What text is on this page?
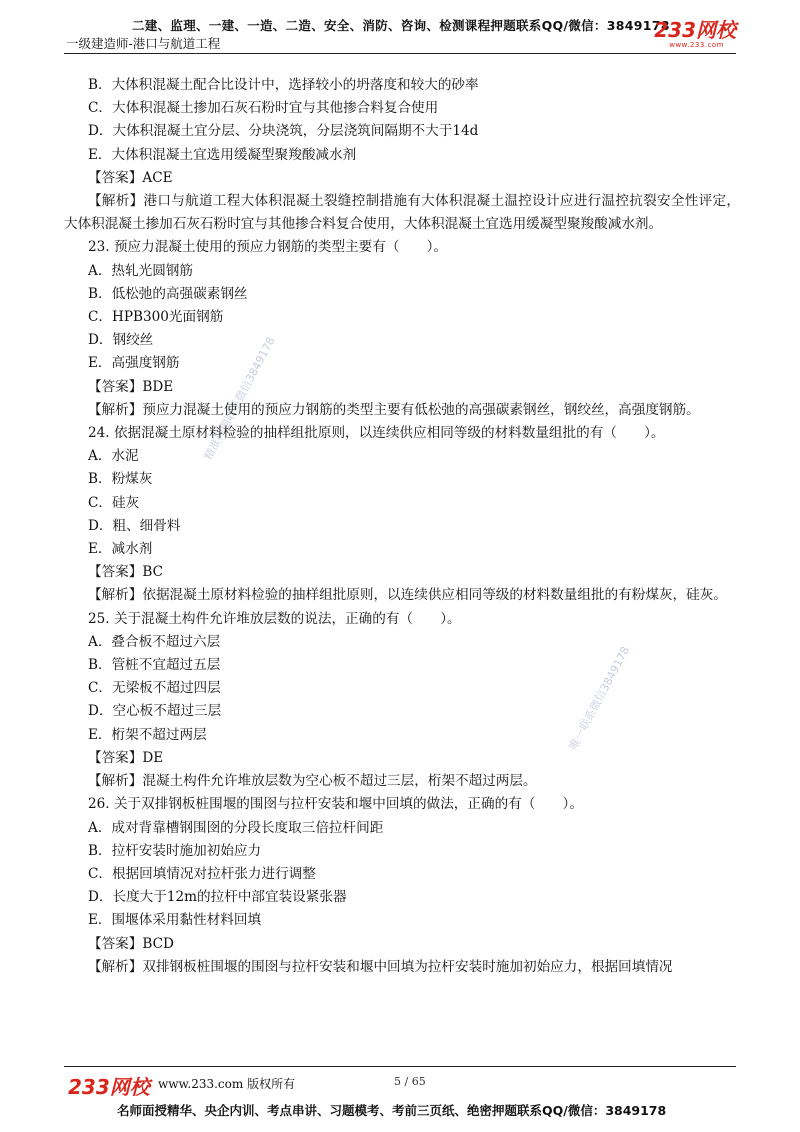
二建、监理、一建、一造、二造、安全、消防、咨询、检测课程押题联系QQ/微信：3849178
一级建造师-港口与航道工程
233网校
www.233.com
精准押题联系微信3849178
唯一联系微信3849178
B．大体积混凝土配合比设计中，选择较小的坍落度和较大的砂率
C．大体积混凝土掺加石灰石粉时宜与其他掺合料复合使用
D．大体积混凝土宜分层、分块浇筑，分层浇筑间隔期不大于14d
E．大体积混凝土宜选用缓凝型聚羧酸减水剂
【答案】ACE
【解析】港口与航道工程大体积混凝土裂缝控制措施有大体积混凝土温控设计应进行温控抗裂安全性评定，大体积混凝土掺加石灰石粉时宜与其他掺合料复合使用，大体积混凝土宜选用缓凝型聚羧酸减水剂。
23. 预应力混凝土使用的预应力钢筋的类型主要有（　　）。
A．热轧光圆钢筋
B．低松弛的高强碳素钢丝
C．HPB300光面钢筋
D．钢绞丝
E．高强度钢筋
【答案】BDE
【解析】预应力混凝土使用的预应力钢筋的类型主要有低松弛的高强碳素钢丝，钢绞丝，高强度钢筋。
24. 依据混凝土原材料检验的抽样组批原则，以连续供应相同等级的材料数量组批的有（　　）。
A．水泥
B．粉煤灰
C．硅灰
D．粗、细骨料
E．减水剂
【答案】BC
【解析】依据混凝土原材料检验的抽样组批原则，以连续供应相同等级的材料数量组批的有粉煤灰，硅灰。
25. 关于混凝土构件允许堆放层数的说法，正确的有（　　）。
A．叠合板不超过六层
B．管桩不宜超过五层
C．无梁板不超过四层
D．空心板不超过三层
E．桁架不超过两层
【答案】DE
【解析】混凝土构件允许堆放层数为空心板不超过三层，桁架不超过两层。
26. 关于双排钢板桩围堰的围囹与拉杆安装和堰中回填的做法，正确的有（　　）。
A．成对背靠槽钢围囹的分段长度取三倍拉杆间距
B．拉杆安装时施加初始应力
C．根据回填情况对拉杆张力进行调整
D．长度大于12m的拉杆中部宜装设紧张器
E．围堰体采用黏性材料回填
【答案】BCD
【解析】双排钢板桩围堰的围囹与拉杆安装和堰中回填为拉杆安装时施加初始应力，根据回填情况
233网校 www.233.com 版权所有	5 / 65
名师面授精华、央企内训、考点串讲、习题模考、考前三页纸、绝密押题联系QQ/微信：3849178
